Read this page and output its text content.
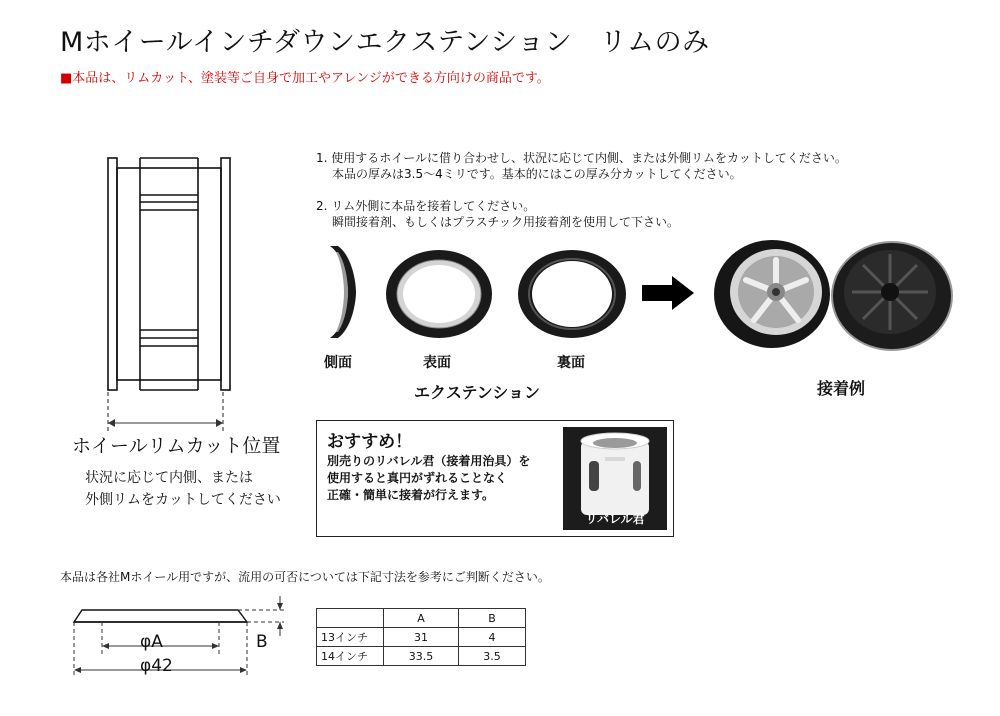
Mホイールインチダウンエクステンション　リムのみ
■本品は、リムカット、塗装等ご自身で加工やアレンジができる方向けの商品です。
ホイールリムカット位置
状況に応じて内側、または
外側リムをカットしてください
1. 使用するホイールに借り合わせし、状況に応じて内側、または外側リムをカットしてください。
本品の厚みは3.5～4ミリです。基本的にはこの厚み分カットしてください。
2. リム外側に本品を接着してください。
瞬間接着剤、もしくはプラスチック用接着剤を使用して下さい。
側面	表面	裏面
エクステンション	接着例
おすすめ！
別売りのリバレル君（接着用治具）を
使用すると真円がずれることなく
正確・簡単に接着が行えます。
リバレル君
本品は各社Mホイール用ですが、流用の可否については下記寸法を参考にご判断ください。
φA
φ42
B
	A	B
13インチ	31	4
14インチ	33.5	3.5
